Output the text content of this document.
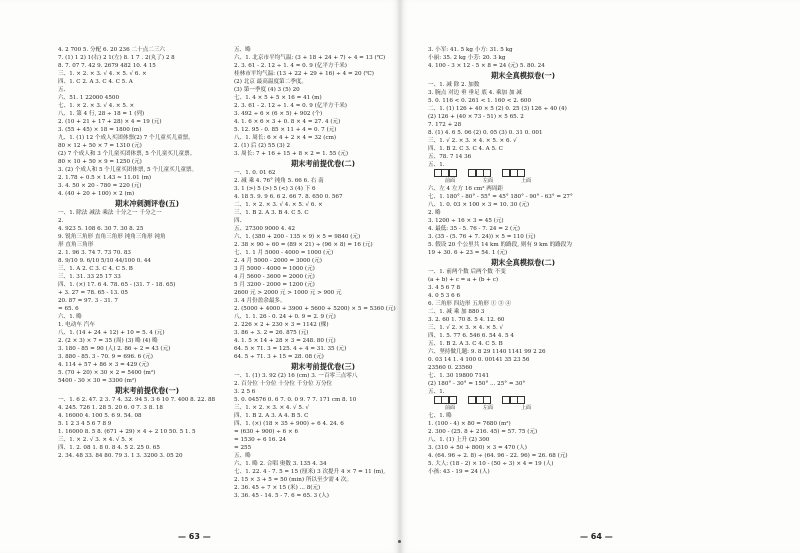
4. 2 700 5. 分配 6. 20 236 二十点二三六
7. (1) 1 2) 1(右) 2 1(左) 8. 1 7 . 2(丸了) 2 8
8. 7. 07 7. 42 9. 2679 482 10. 4 15
三、1. × 2. × 3. √ 4. × 5. √ 6. ×
四、1. C 2. A 3. C 4. C 5. A
五、
六、51. 1 22000 4500
七、1. × 2. × 3. √ 4. × 5. ×
八、1. 第 4 行, 28 ÷ 18 = 1 (列)
2. (10 + 21 + 17 + 28) × 4 = 19 (元)
3. (55 + 45) × 18 = 1800 (m)
九、1. (1) 12 个成人买团体票(2) 7 个儿童买儿童票。
80 × 12 + 50 × 7 = 1310 (元)
(2) 7 个成人和 3 个儿童买团体票, 5 个儿童买儿童票。
80 × 10 + 50 × 9 = 1250 (元)
3. (2) 个成人和 5 个儿童买团体票, 5 个儿童买儿童票。
2. 1.78 ÷ 0.5 × 1.43 ≈ 11.01 (m)
3. 4. 50 × 20 - 780 = 220 (元)
4. (40 + 20 + 100) × 2 (m)
期末冲刺测评卷(五)
一、1. 除法 减法 乘法 十分之一 千分之一
2.
4. 923 5. 108 6. 30 7. 30 8. 25
9. 锐角三角形 直角三角形 钝角三角形 钝角
形 直角三角形
2. 1. 96 3. 74 7. 73 70. 83
8. 9/10 9. 6/10 5/10 44/100 0. 44
三、1. A 2. C 3. C 4. C 5. B
三、1. 31. 33 25 17 33
四、1. (×) 17. 6 4. 78. 65 - (31. 7 - 18. 65)
+ 3. 27 = 78. 65 - 13. 05
20. 87 = 97. 3 - 31. 7
= 65. 6
六、1. 略
1. 电动车 汽车
八、1. (14 + 24 + 12) + 10 = 5. 4 (元)
2. (2 × 3) × 7 = 35 (周) (3) 略 (4) 略
3. 180 - 85 = 90 (人) 2. 86 ÷ 2 = 43 (元)
3. 880 - 85. 3 - 70. 9 = 696. 6 (元)
4. 114 + 57 + 86 × 3 = 429 (元)
5. (70 + 20) × 30 × 2 = 5400 (m²)
5400 - 30 × 30 = 3300 (m²)
期末考前提优卷(一)
一、1. 6 2. 47. 2 3. 7 4. 32. 94 5. 3 6 10 7. 400 8. 22. 88
4. 245. 726 1. 28 5. 20 6. 0 7. 3 8. 18
4. 16000 4. 100 5. 6 9. 54. 08
5. 1 2 3 4 5 6 7 8 9
1. 16000 8. 5 8. (671 + 29) × 4 ÷ 2 10 50. 5 1. 5
三、1. × 2. √ 3. × 4. √ 5. ×
四、1. 2. 08 1. 8 0. 8 4. 5 2. 25 0. 65
2. 34. 48 33. 84 80. 79 3. 1 3. 3200 3. 05 20
五、略
六、1. 北京市平均气温: (3 + 18 + 24 + 7) ÷ 4 = 13 (℃)
2. 3. 61 - 2. 12 ÷ 1. 4 = 0. 9 (亿平方千米)
桂林市平均气温: (13 + 22 + 29 + 16) ÷ 4 = 20 (℃)
(2) 北京 最高温度第二季度。
(3) 第一季度 (4) 3 (5) 20
七、1. 4 × 5 + 5 × 16 = 41 (m)
2. 3. 61 - 2. 12 ÷ 1. 4 = 0. 9 (亿平方千米)
3. 492 ÷ 6 × (6 × 5) + 902 (个)
4. 1. 6 × 6 × 3 + 0. 8 × 4 = 27. 4 (元)
5. 12. 95 - 0. 85 × 11 + 4 = 0. 7 (元)
八、1. 周长: 6 × 4 + 2 × 4 = 32 (cm)
2. (1) 后 (2) 55 (3) 2
3. 周长: 7 + 16 + 15 + 8 × 2 = 1. 55 (元)
期末考前提优卷(二)
一、1. 0. 01 62
2. 减 乘 4. 76° 钝角 5. 66 6. 右 南
3. 1 (>) 5 (>) 5 (<) 3 (4) 下 6
4. 18 5. 9. 9 6. 6 2. 66 7. 8. 650 0. 567
二、1. × 2. × 3. √ 4. × 5. √ 6. ×
三、1. B 2. A 3. B 4. C 5. C
四、
五、27300 9000 4. 42
六、1. (380 + 200 - 135 × 9) × 5 = 9840 (元)
2. 38 × 90 ÷ 60 = (89 × 21) ÷ (96 × 8) = 16 (元)
七、1. 1 月 5000 - 4000 = 1000 (元)
2. 4 月 5000 - 2000 = 3000 (元)
3 月 5000 - 4000 = 1000 (元)
4 月 5600 - 3600 = 2000 (元)
5 月 3200 - 2000 = 1200 (元)
2600 元 > 2000 元 > 1000 元 > 900 元
3. 4 月份盈余最多。
2. (5000 + 4000 + 3900 + 5600 + 5200) × 5 = 5360 (元)
八、1. 1. 26 - 0. 24 + 0. 9 = 2. 9 (元)
2. 226 × 2 + 230 × 3 = 1142 (棵)
3. 86 ÷ 3. 2 = 26. 875 (元)
4. 1. 5 × 14 + 28 × 3 = 248. 80 (元)
64. 5 × 71. 3 = 125. 4 ÷ 4 = 31. 35 (元)
64. 5 ÷ 71. 3 + 15 = 28. 08 (元)
期末考前提优卷(三)
一、1. (1) 3. 92 (2) 16 (cm) 3. 一百零三点零八
2. 百分位 十分位 十分位 千分位 万分位
3. 2 5 6
5. 0. 04576 0. 6 7. 0. 0 9. 7 7. 171 cm 8. 10
三、1. × 2. × 3. × 4. √ 5. √
四、1. B 2. A 3. A 4. B 5. C
四、1. (×) (18 × 35 + 900) ÷ 6 4. 24. 6
= (630 + 900) ÷ 6 × 6
= 1530 ÷ 6 16. 24
= 255
五、略
六、1. 略 2. 合唱 奥数 3. 135 4. 34
七、1. 22. 4 - 7. 5 = 15 (厘米) 3 次提升 4 × 7 = 11 (m),
2. 15 × 3 + 5 = 50 (min) 所以至少需 4 次。
2. 36. 45 ÷ 7 × 15 (米) ... 8(元)
3. 36. 45 - 14. 5 - 7. 6 = 65. 3 (人)
3. 小军: 41. 5 kg 小方: 31. 5 kg
小丽: 35. 2 kg 小芳: 20. 3 kg
4. 100 - 3 × 12 - 5 × 8 = 24 (元) 5. 80. 24
期末全真模拟卷(一)
一、1. 减 除 2. 加数
3. 腕点 对边 垂 垂足 底 4. 乘加 加 减
5. 0. 116 < 0. 261 < 1. 160 < 2. 600
二、1. (1) 126 + 40 × 5 (2) 0. 25 (3) 126 ÷ 40 (4)
(2) 126 + (40 × 73 - 51) × 5 65. 2
7. 172 + 28
8. (1) 4. 6 5. 06 (2) 0. 05 (3) 0. 31 0. 001
三、1. √ 2. × 3. × 4. × 5. × 6. √
四、1. B 2. C 3. C 4. A 5. C
五、78. 7 14 36
五、1.
前面	左面	上面
六、左 4 左方 16 cm² 两周距
七、1. 180° - 80° - 55° = 45° 180° - 90° - 63° = 27°
八、1. 0. 03 × 100 × 3 = 10. 30 (元)
2. 略
3. 1200 ÷ 16 × 3 = 45 (元)
4. 最低: 35 - 5. 76 - 7. 24 = 2 (元)
3. (35 - (5. 76 + 7. 24)) × 5 = 110 (元)
5. 假设 20 个公里共 14 km 的路段, 则有 9 km 的路段为
19 + 30. 6 + 23 = 54. 1 (元)
期末全真模拟卷(二)
一、1. 前两个数 后两个数 不变
(a + b) + c = a + (b + c)
3. 4 5 6 7 8
4. 0 5 3 6 6
6. 三角形 四边形 五角形 ① ③ ④
二、1. 减 乘 加 880 3
3. 2. 60 1. 70 8. 5 4. 12. 60
三、1. √ 2. × 3. × 4. × 5. √
四、1. 5. 77 6. 546 6. 54 4. 5 4
五、1. B 2. A 3. C 4. C 5. B
六、坚持做几题: 9. 8 29 1140 1141 99 2 26
0. 03 14 1. 4 100 0. 00141 35 23 56
23560 0. 23560
七、1. 30 19800 7141
(2) 180° - 30° = 150° ... 25° = 30°
五、1.
前面	左面	上面
七、1. 略
1. (100 - 4) × 80 = 7680 (m²)
2. 300 - (25. 8 + 216. 45) = 57. 75 (元)
八、1. (1) 上升 (2) 300
3. (310 + 50 + 800) × 3 = 470 (人)
4. (64. 96 ÷ 2. 8) ÷ (64. 96 - 22. 96) = 26. 68 (元)
5. 大人: (18 - 2) × 10 - (50 ÷ 3) × 4 = 19 (人)
小孩: 43 - 19 = 24 (人)
— 63 —	— 64 —
